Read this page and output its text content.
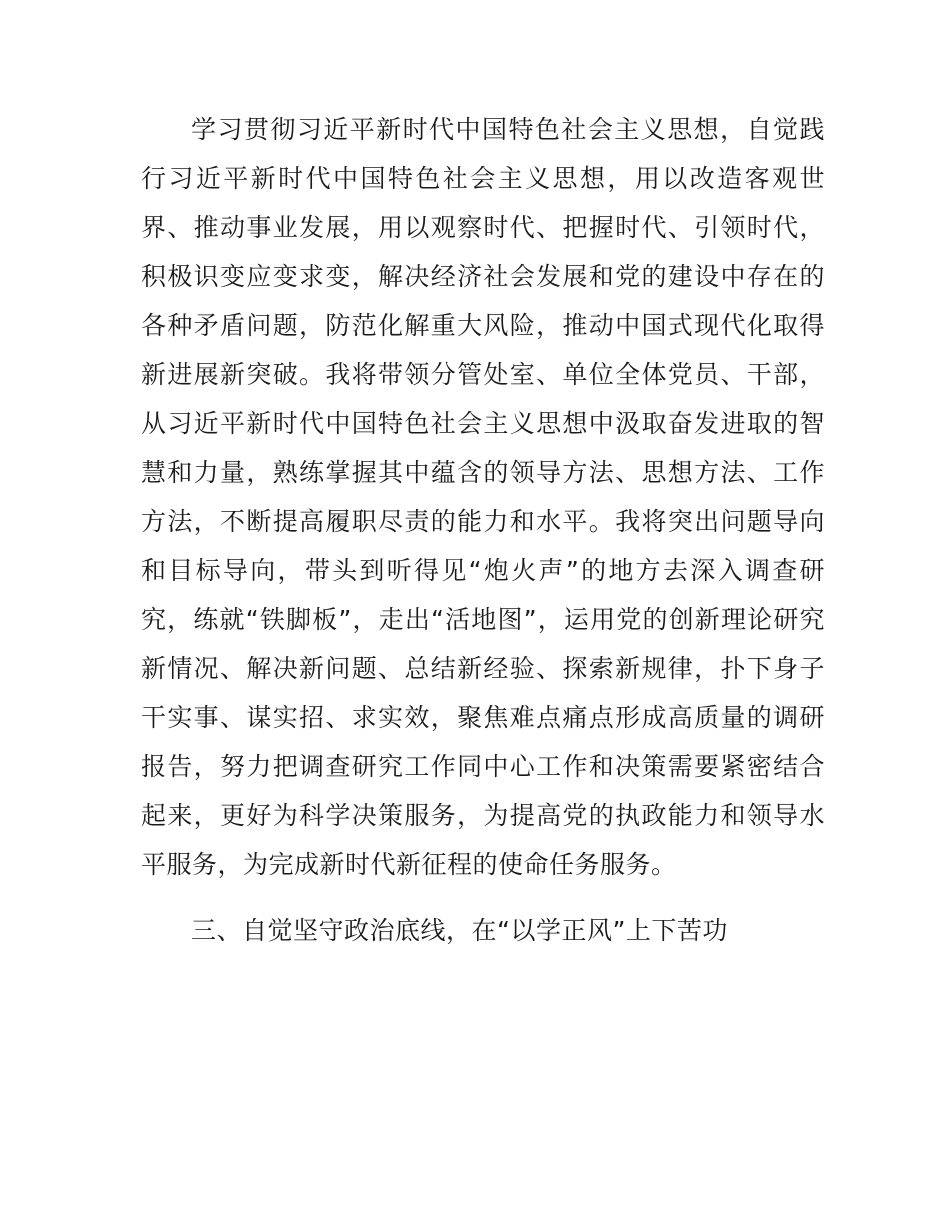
学习贯彻习近平新时代中国特色社会主义思想，自觉践行习近平新时代中国特色社会主义思想，用以改造客观世界、推动事业发展，用以观察时代、把握时代、引领时代，积极识变应变求变，解决经济社会发展和党的建设中存在的各种矛盾问题，防范化解重大风险，推动中国式现代化取得新进展新突破。我将带领分管处室、单位全体党员、干部，从习近平新时代中国特色社会主义思想中汲取奋发进取的智慧和力量，熟练掌握其中蕴含的领导方法、思想方法、工作方法，不断提高履职尽责的能力和水平。我将突出问题导向和目标导向，带头到听得见“炮火声”的地方去深入调查研究，练就“铁脚板”，走出“活地图”，运用党的创新理论研究新情况、解决新问题、总结新经验、探索新规律，扑下身子干实事、谋实招、求实效，聚焦难点痛点形成高质量的调研报告，努力把调查研究工作同中心工作和决策需要紧密结合起来，更好为科学决策服务，为提高党的执政能力和领导水平服务，为完成新时代新征程的使命任务服务。

三、自觉坚守政治底线，在“以学正风”上下苦功
